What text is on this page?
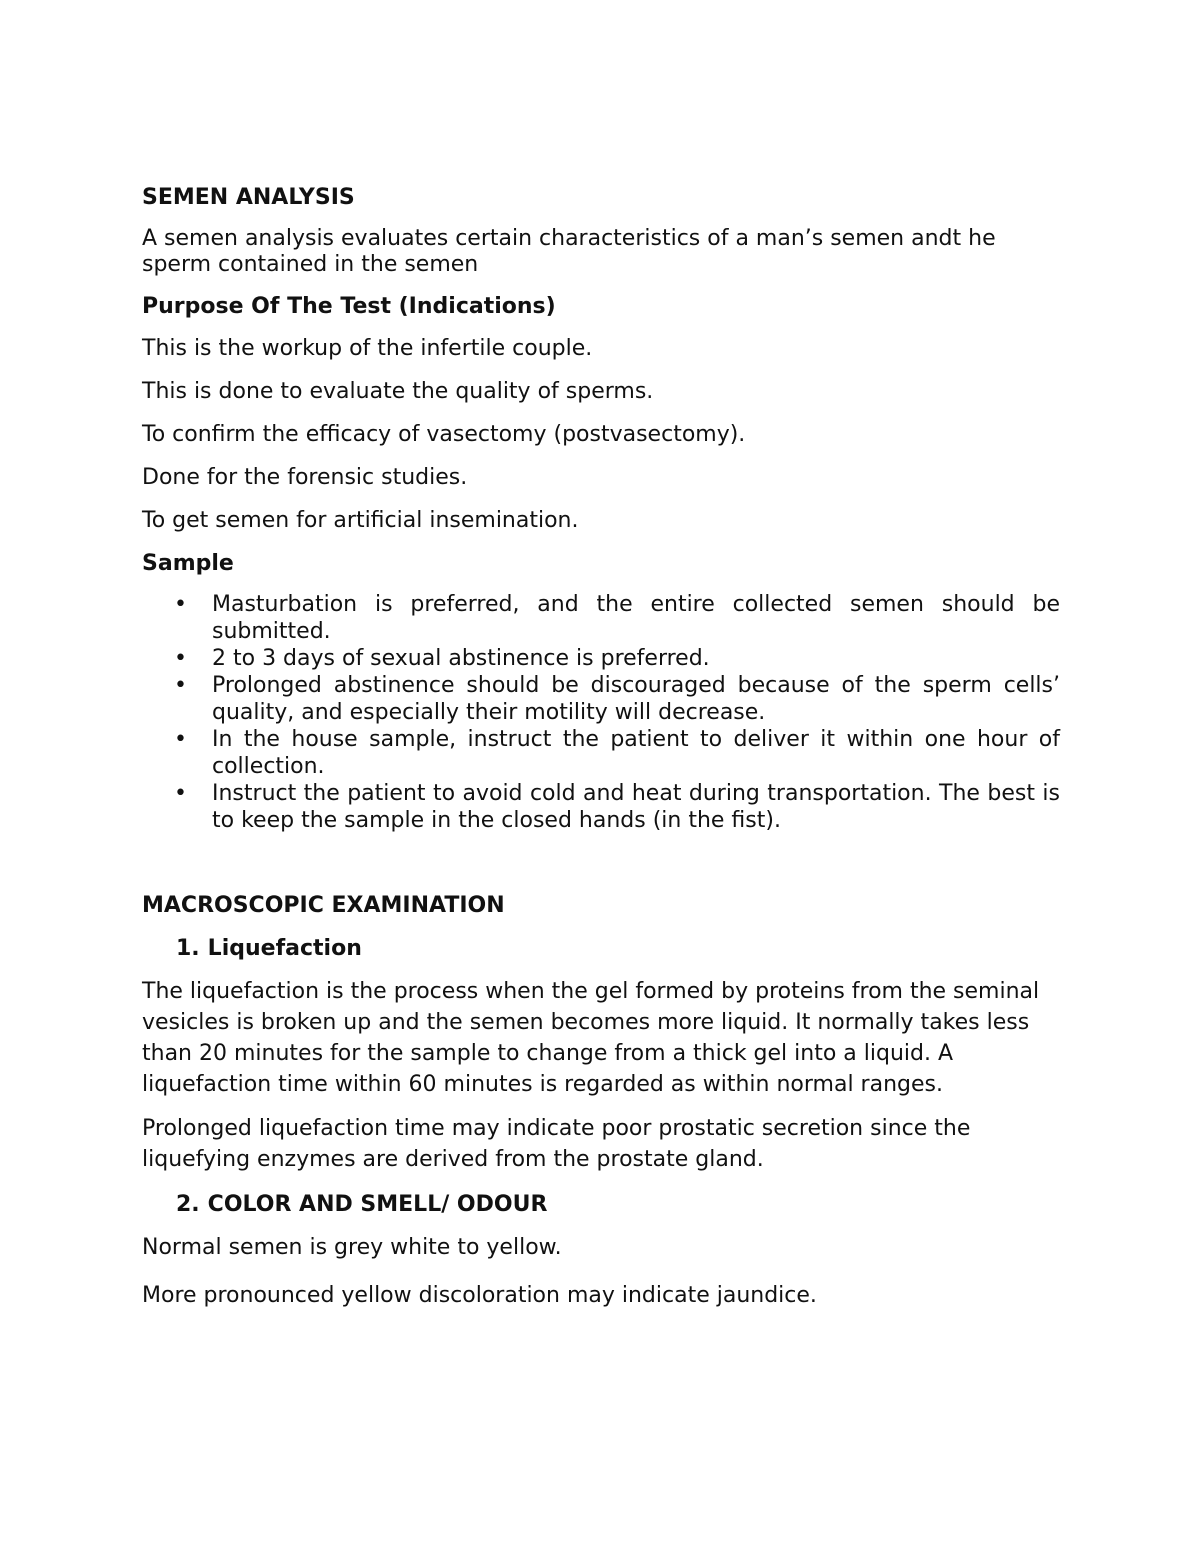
SEMEN ANALYSIS
A semen analysis evaluates certain characteristics of a man’s semen andt he sperm contained in the semen
Purpose Of The Test (Indications)
This is the workup of the infertile couple.
This is done to evaluate the quality of sperms.
To confirm the efficacy of vasectomy (postvasectomy).
Done for the forensic studies.
To get semen for artificial insemination.
Sample
• Masturbation is preferred, and the entire collected semen should be submitted.
• 2 to 3 days of sexual abstinence is preferred.
• Prolonged abstinence should be discouraged because of the sperm cells’ quality, and especially their motility will decrease.
• In the house sample, instruct the patient to deliver it within one hour of collection.
• Instruct the patient to avoid cold and heat during transportation. The best is to keep the sample in the closed hands (in the fist).
MACROSCOPIC EXAMINATION
1. Liquefaction
The liquefaction is the process when the gel formed by proteins from the seminal vesicles is broken up and the semen becomes more liquid. It normally takes less than 20 minutes for the sample to change from a thick gel into a liquid. A liquefaction time within 60 minutes is regarded as within normal ranges.
Prolonged liquefaction time may indicate poor prostatic secretion since the liquefying enzymes are derived from the prostate gland.
2. COLOR AND SMELL/ ODOUR
Normal semen is grey white to yellow.
More pronounced yellow discoloration may indicate jaundice.
